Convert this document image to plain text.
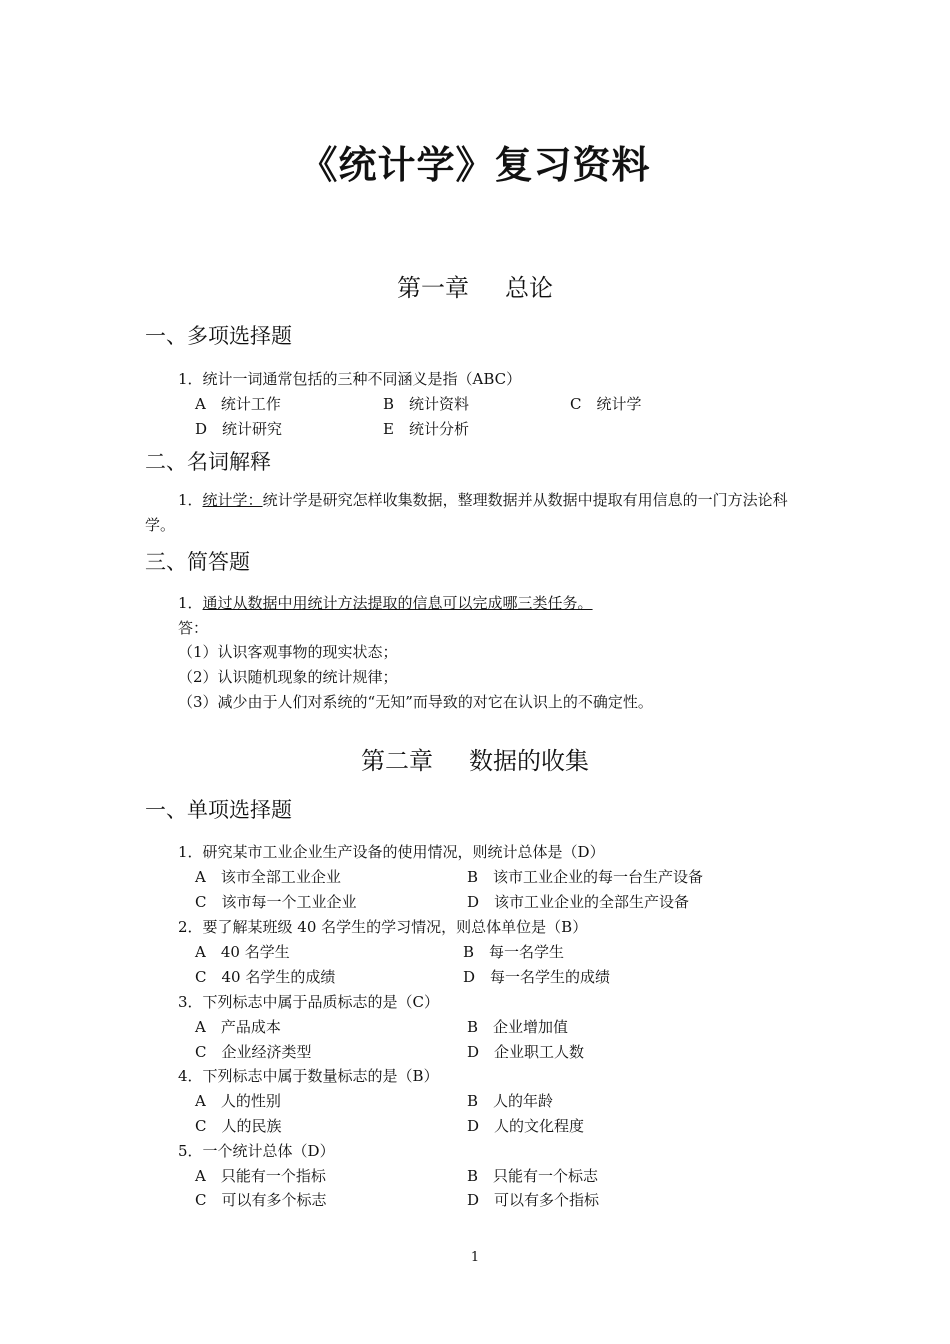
《统计学》复习资料
第一章 总论
一、多项选择题
1．统计一词通常包括的三种不同涵义是指（ABC）
A　统计工作	B　统计资料	C　统计学
D　统计研究	E　统计分析
二、名词解释
1．统计学：统计学是研究怎样收集数据，整理数据并从数据中提取有用信息的一门方法论科学。
三、简答题
1．通过从数据中用统计方法提取的信息可以完成哪三类任务。
答：
（1）认识客观事物的现实状态；
（2）认识随机现象的统计规律；
（3）减少由于人们对系统的“无知”而导致的对它在认识上的不确定性。
第二章 数据的收集
一、单项选择题
1．研究某市工业企业生产设备的使用情况，则统计总体是（D）
A　该市全部工业企业	B　该市工业企业的每一台生产设备
C　该市每一个工业企业	D　该市工业企业的全部生产设备
2．要了解某班级 40 名学生的学习情况，则总体单位是（B）
A　40 名学生	B　每一名学生
C　40 名学生的成绩	D　每一名学生的成绩
3．下列标志中属于品质标志的是（C）
A　产品成本	B　企业增加值
C　企业经济类型	D　企业职工人数
4．下列标志中属于数量标志的是（B）
A　人的性别	B　人的年龄
C　人的民族	D　人的文化程度
5．一个统计总体（D）
A　只能有一个指标	B　只能有一个标志
C　可以有多个标志	D　可以有多个指标
1
